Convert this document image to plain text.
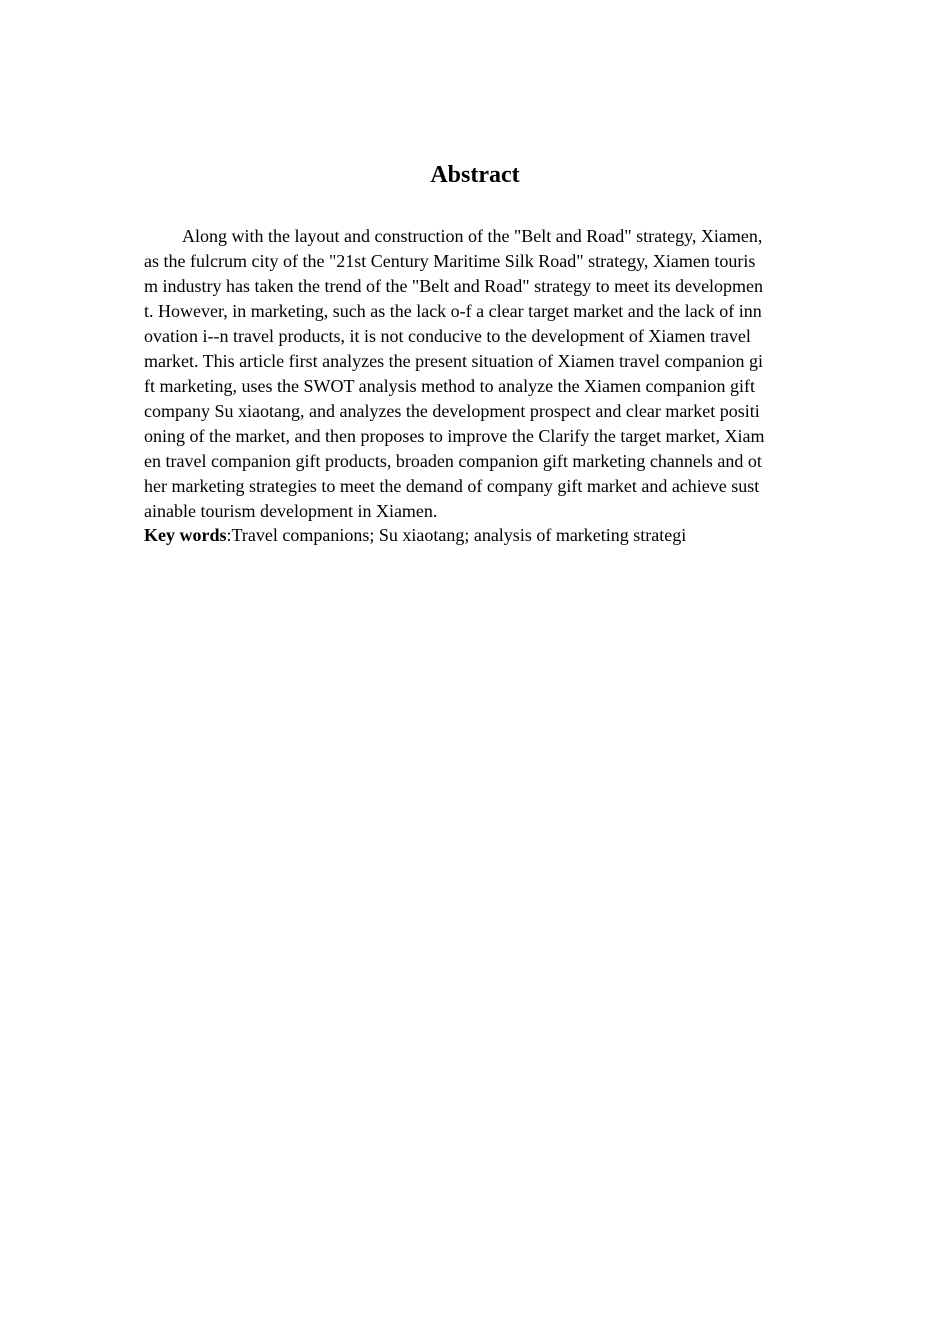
Abstract
Along with the layout and construction of the "Belt and Road" strategy, Xiamen,
as the fulcrum city of the "21st Century Maritime Silk Road" strategy, Xiamen touris
m industry has taken the trend of the "Belt and Road" strategy to meet its developmen
t. However, in marketing, such as the lack o-f a clear target market and the lack of inn
ovation i--n travel products, it is not conducive to the development of Xiamen travel
market. This article first analyzes the present situation of Xiamen travel companion gi
ft marketing, uses the SWOT analysis method to analyze the Xiamen companion gift
company Su xiaotang, and analyzes the development prospect and clear market positi
oning of the market, and then proposes to improve the Clarify the target market, Xiam
en travel companion gift products, broaden companion gift marketing channels and ot
her marketing strategies to meet the demand of company gift market and achieve sust
ainable tourism development in Xiamen.

Key words:Travel companions; Su xiaotang; analysis of marketing strategi
